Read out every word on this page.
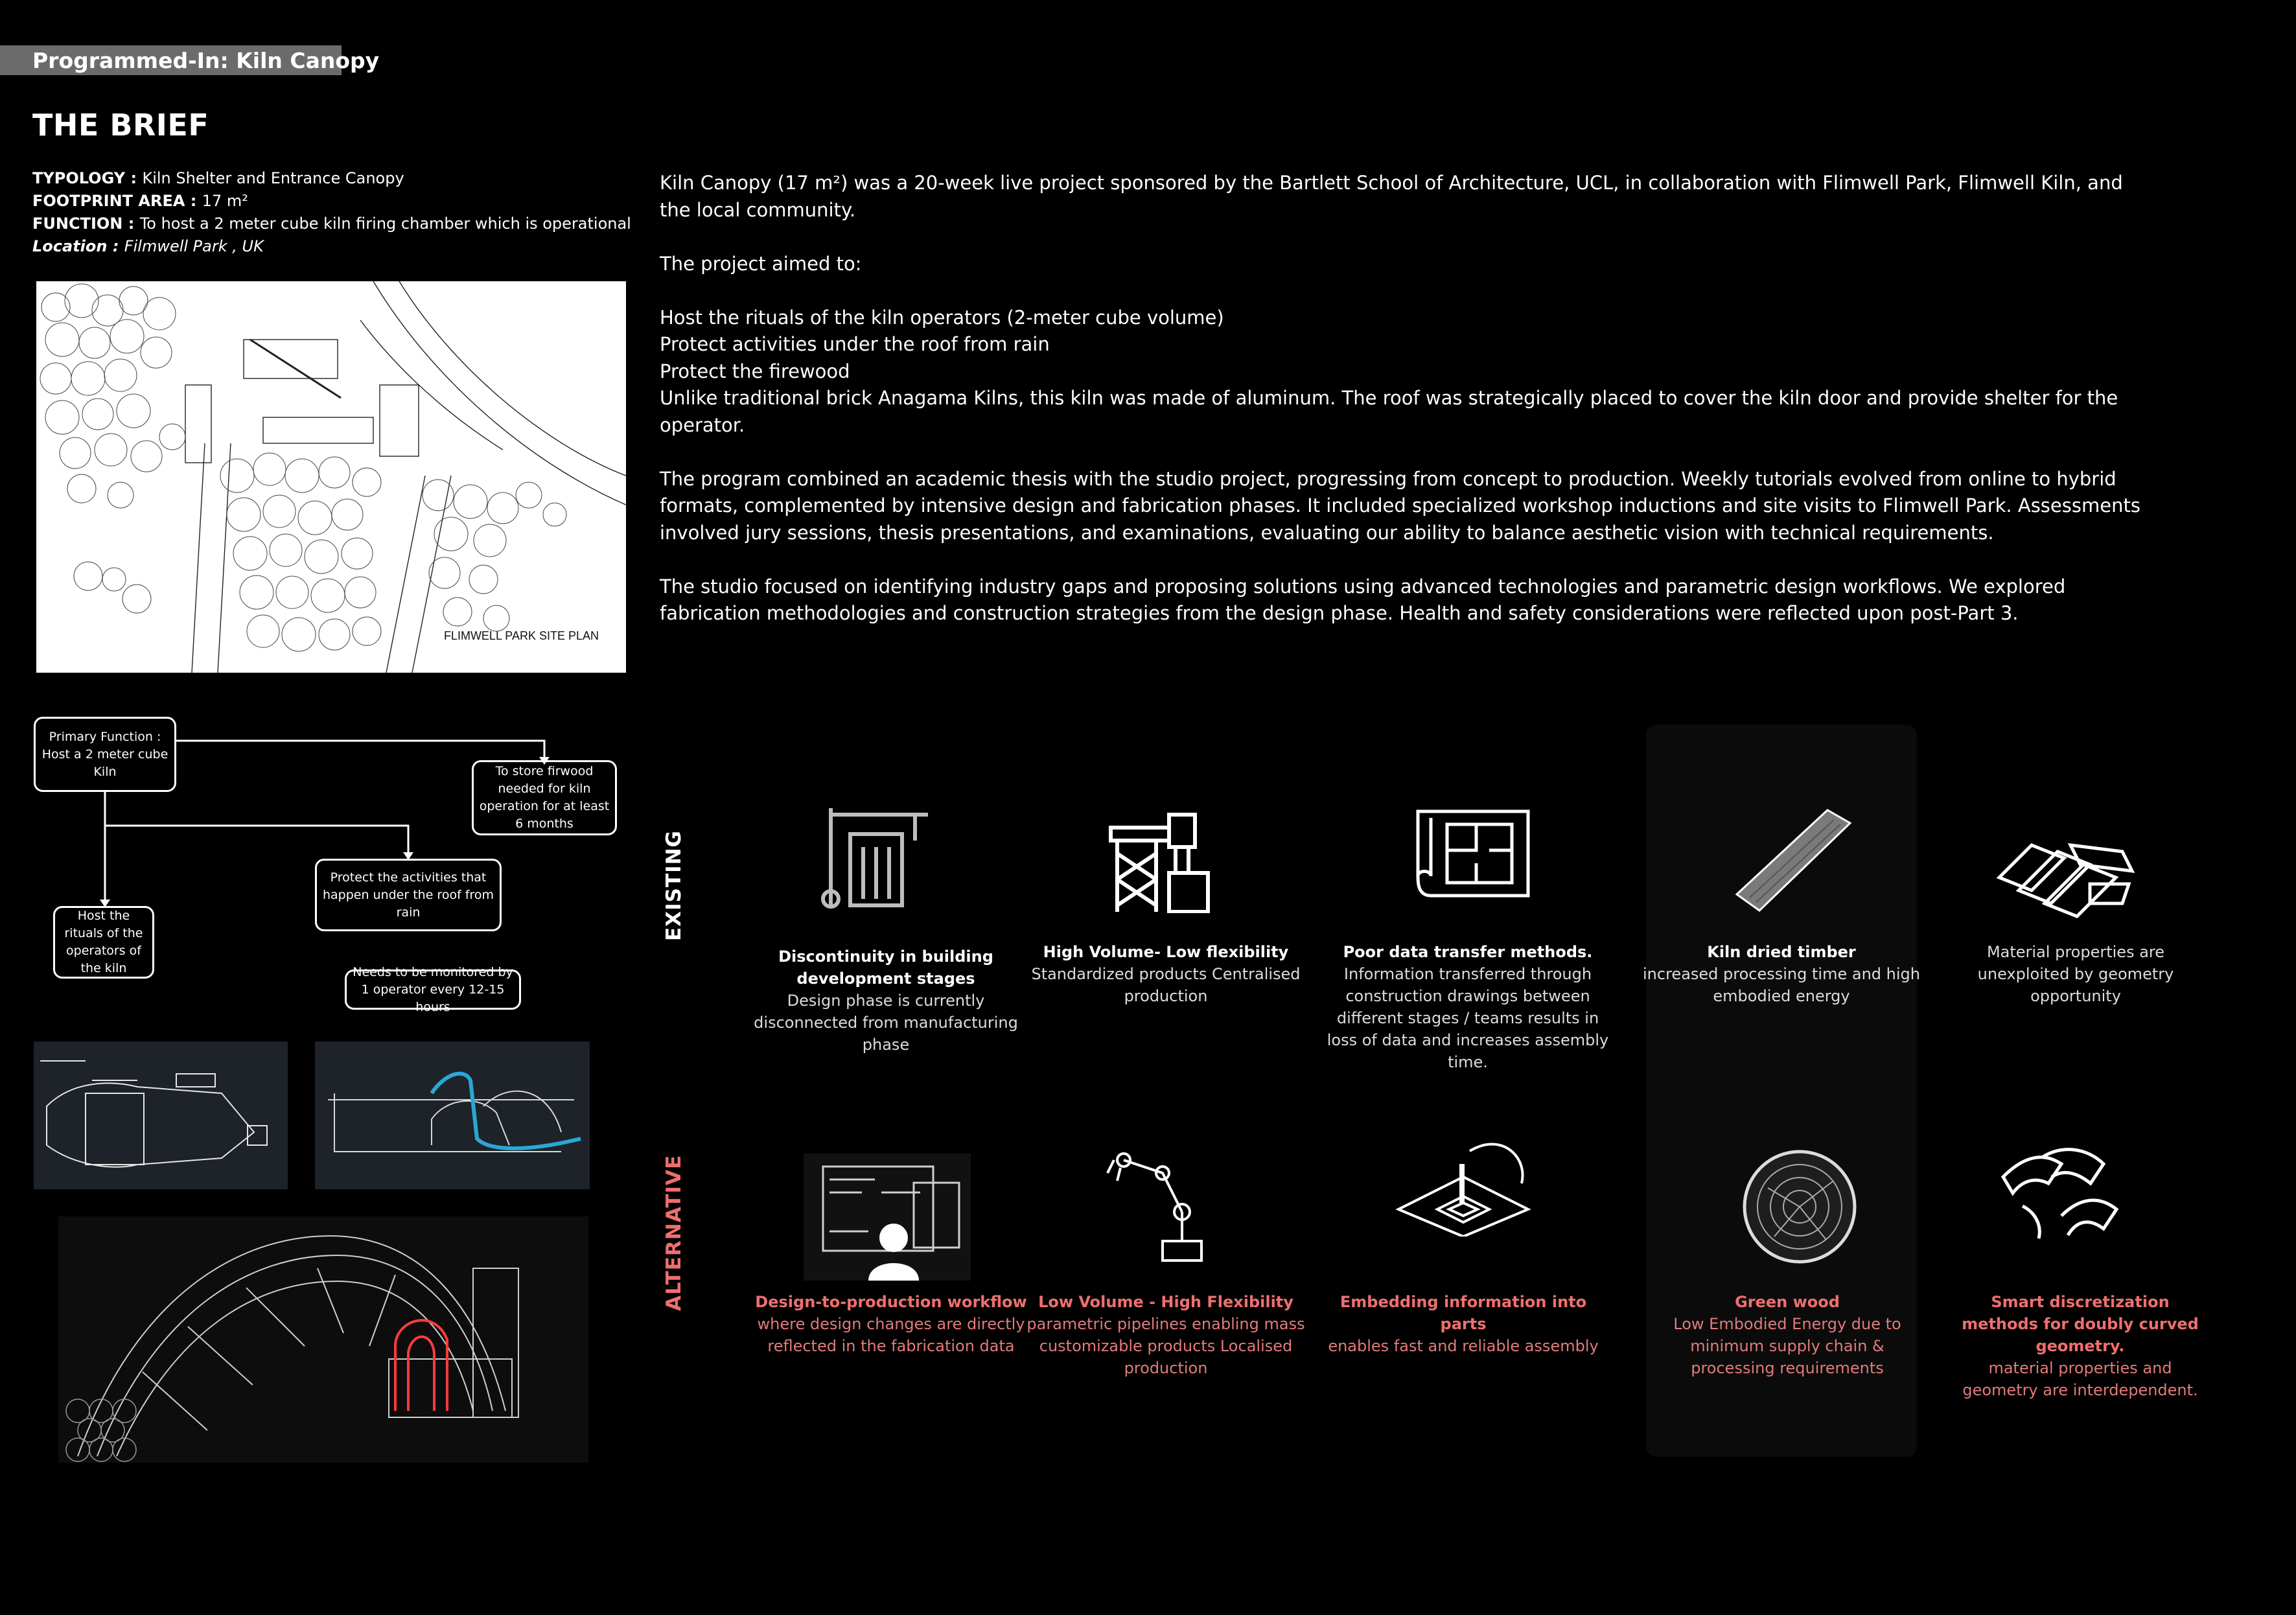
Programmed-In: Kiln Canopy
THE BRIEF
TYPOLOGY : Kiln Shelter and Entrance Canopy
FOOTPRINT AREA : 17 m²
FUNCTION : To host a 2 meter cube kiln firing chamber which is operational
Location : Filmwell Park , UK
FLIMWELL PARK SITE PLAN

Kiln Canopy (17 m²) was a 20-week live project sponsored by the Bartlett School of Architecture, UCL, in collaboration with Flimwell Park, Flimwell Kiln, and the local community.

The project aimed to:

Host the rituals of the kiln operators (2-meter cube volume)

Protect activities under the roof from rain

Protect the firewood

Unlike traditional brick Anagama Kilns, this kiln was made of aluminum. The roof was strategically placed to cover the kiln door and provide shelter for the operator.

The program combined an academic thesis with the studio project, progressing from concept to production. Weekly tutorials evolved from online to hybrid formats, complemented by intensive design and fabrication phases. It included specialized workshop inductions and site visits to Flimwell Park. Assessments involved jury sessions, thesis presentations, and examinations, evaluating our ability to balance aesthetic vision with technical requirements.

The studio focused on identifying industry gaps and proposing solutions using advanced technologies and parametric design workflows. We explored fabrication methodologies and construction strategies from the design phase. Health and safety considerations were reflected upon post-Part 3.

Primary Function : Host a 2 meter cube Kiln	To store firwood needed for kiln operation for at least 6 months
Protect the activities that happen under the roof from rain
Host the rituals of the operators of the kiln	Needs to be monitored by 1 operator every 12-15 hours
EXISTING
ALTERNATIVE
Discontinuity in building development stages
Design phase is currently disconnected from manufacturing phase
High Volume- Low flexibility
Standardized products Centralised production
Poor data transfer methods.
Information transferred through construction drawings between different stages / teams results in loss of data and increases assembly time.
Kiln dried timber
increased processing time and high embodied energy
Material properties are unexploited by geometry opportunity
Design-to-production workflow
where design changes are directly reflected in the fabrication data
Low Volume - High Flexibility
parametric pipelines enabling mass customizable products Localised production
Embedding information into parts
enables fast and reliable assembly
Green wood
Low Embodied Energy due to minimum supply chain & processing requirements
Smart discretization methods for doubly curved geometry.
material properties and geometry are interdependent.
